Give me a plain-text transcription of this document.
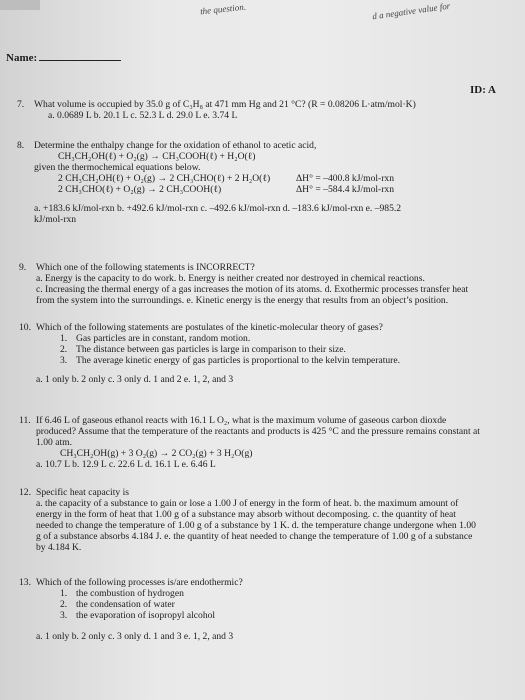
the question.	d a negative value for
Name:
ID: A
7. What volume is occupied by 35.0 g of C₃H₈ at 471 mm Hg and 21 °C? (R = 0.08206 L·atm/mol·K)

a. 0.0689 L b. 20.1 L c. 52.3 L d. 29.0 L e. 3.74 L

8. Determine the enthalpy change for the oxidation of ethanol to acetic acid,

CH₃CH₂OH(ℓ) + O₂(g) → CH₃COOH(ℓ) + H₂O(ℓ)

given the thermochemical equations below.

2 CH₃CH₂OH(ℓ) + O₂(g) → 2 CH₃CHO(ℓ) + 2 H₂O(ℓ)	ΔH° = –400.8 kJ/mol-rxn
2 CH₃CHO(ℓ) + O₂(g) → 2 CH₃COOH(ℓ)	ΔH° = –584.4 kJ/mol-rxn

a. +183.6 kJ/mol-rxn b. +492.6 kJ/mol-rxn c. –492.6 kJ/mol-rxn d. –183.6 kJ/mol-rxn e. –985.2

kJ/mol-rxn

9. Which one of the following statements is INCORRECT?

a. Energy is the capacity to do work. b. Energy is neither created nor destroyed in chemical reactions.

c. Increasing the thermal energy of a gas increases the motion of its atoms. d. Exothermic processes transfer heat

from the system into the surroundings. e. Kinetic energy is the energy that results from an object’s position.

10. Which of the following statements are postulates of the kinetic-molecular theory of gases?

1. Gas particles are in constant, random motion.
2. The distance between gas particles is large in comparison to their size.
3. The average kinetic energy of gas particles is proportional to the kelvin temperature.

a. 1 only b. 2 only c. 3 only d. 1 and 2 e. 1, 2, and 3

11. If 6.46 L of gaseous ethanol reacts with 16.1 L O₂, what is the maximum volume of gaseous carbon dioxde

produced? Assume that the temperature of the reactants and products is 425 °C and the pressure remains constant at

1.00 atm.

CH₃CH₂OH(g) + 3 O₂(g) → 2 CO₂(g) + 3 H₂O(g)

a. 10.7 L b. 12.9 L c. 22.6 L d. 16.1 L e. 6.46 L

12. Specific heat capacity is

a. the capacity of a substance to gain or lose a 1.00 J of energy in the form of heat. b. the maximum amount of

energy in the form of heat that 1.00 g of a substance may absorb without decomposing. c. the quantity of heat

needed to change the temperature of 1.00 g of a substance by 1 K. d. the temperature change undergone when 1.00

g of a substance absorbs 4.184 J. e. the quantity of heat needed to change the temperature of 1.00 g of a substance

by 4.184 K.

13. Which of the following processes is/are endothermic?

1. the combustion of hydrogen
2. the condensation of water
3. the evaporation of isopropyl alcohol

a. 1 only b. 2 only c. 3 only d. 1 and 3 e. 1, 2, and 3
